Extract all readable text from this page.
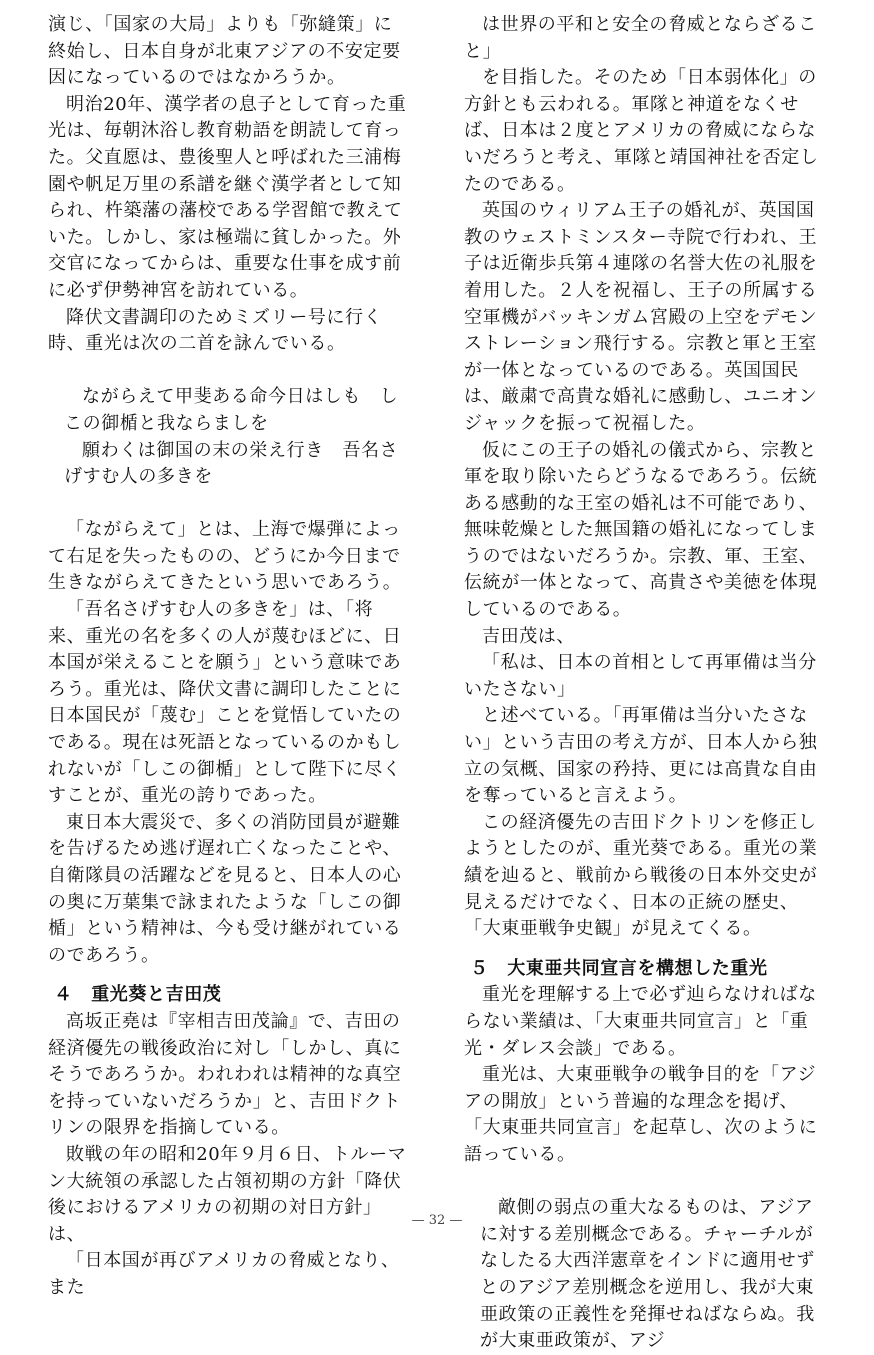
演じ、「国家の大局」よりも「弥縫策」に終始し、日本自身が北東アジアの不安定要因になっているのではなかろうか。

明治20年、漢学者の息子として育った重光は、毎朝沐浴し教育勅語を朗読して育った。父直愿は、豊後聖人と呼ばれた三浦梅園や帆足万里の系譜を継ぐ漢学者として知られ、杵築藩の藩校である学習館で教えていた。しかし、家は極端に貧しかった。外交官になってからは、重要な仕事を成す前に必ず伊勢神宮を訪れている。

降伏文書調印のためミズリー号に行く時、重光は次の二首を詠んでいる。

ながらえて甲斐ある命今日はしも　しこの御楯と我ならましを
願わくは御国の末の栄え行き　吾名さげすむ人の多きを

「ながらえて」とは、上海で爆弾によって右足を失ったものの、どうにか今日まで生きながらえてきたという思いであろう。

「吾名さげすむ人の多きを」は、「将来、重光の名を多くの人が蔑むほどに、日本国が栄えることを願う」という意味であろう。重光は、降伏文書に調印したことに日本国民が「蔑む」ことを覚悟していたのである。現在は死語となっているのかもしれないが「しこの御楯」として陛下に尽くすことが、重光の誇りであった。

東日本大震災で、多くの消防団員が避難を告げるため逃げ遅れ亡くなったことや、自衛隊員の活躍などを見ると、日本人の心の奥に万葉集で詠まれたような「しこの御楯」という精神は、今も受け継がれているのであろう。

４　重光葵と吉田茂

高坂正堯は『宰相吉田茂論』で、吉田の経済優先の戦後政治に対し「しかし、真にそうであろうか。われわれは精神的な真空を持っていないだろうか」と、吉田ドクトリンの限界を指摘している。

敗戦の年の昭和20年９月６日、トルーマン大統領の承認した占領初期の方針「降伏後におけるアメリカの初期の対日方針」は、

「日本国が再びアメリカの脅威となり、また

は世界の平和と安全の脅威とならざること」

を目指した。そのため「日本弱体化」の方針とも云われる。軍隊と神道をなくせば、日本は２度とアメリカの脅威にならないだろうと考え、軍隊と靖国神社を否定したのである。

英国のウィリアム王子の婚礼が、英国国教のウェストミンスター寺院で行われ、王子は近衛歩兵第４連隊の名誉大佐の礼服を着用した。２人を祝福し、王子の所属する空軍機がバッキンガム宮殿の上空をデモンストレーション飛行する。宗教と軍と王室が一体となっているのである。英国国民は、厳粛で高貴な婚礼に感動し、ユニオンジャックを振って祝福した。

仮にこの王子の婚礼の儀式から、宗教と軍を取り除いたらどうなるであろう。伝統ある感動的な王室の婚礼は不可能であり、無味乾燥とした無国籍の婚礼になってしまうのではないだろうか。宗教、軍、王室、伝統が一体となって、高貴さや美徳を体現しているのである。

吉田茂は、

「私は、日本の首相として再軍備は当分いたさない」

と述べている。「再軍備は当分いたさない」という吉田の考え方が、日本人から独立の気概、国家の矜持、更には高貴な自由を奪っていると言えよう。

この経済優先の吉田ドクトリンを修正しようとしたのが、重光葵である。重光の業績を辿ると、戦前から戦後の日本外交史が見えるだけでなく、日本の正統の歴史、「大東亜戦争史観」が見えてくる。

５　大東亜共同宣言を構想した重光

重光を理解する上で必ず辿らなければならない業績は、「大東亜共同宣言」と「重光・ダレス会談」である。

重光は、大東亜戦争の戦争目的を「アジアの開放」という普遍的な理念を掲げ、「大東亜共同宣言」を起草し、次のように語っている。

敵側の弱点の重大なるものは、アジアに対する差別概念である。チャーチルがなしたる大西洋憲章をインドに適用せずとのアジア差別概念を逆用し、我が大東亜政策の正義性を発揮せねばならぬ。我が大東亜政策が、アジ

— 32 —
